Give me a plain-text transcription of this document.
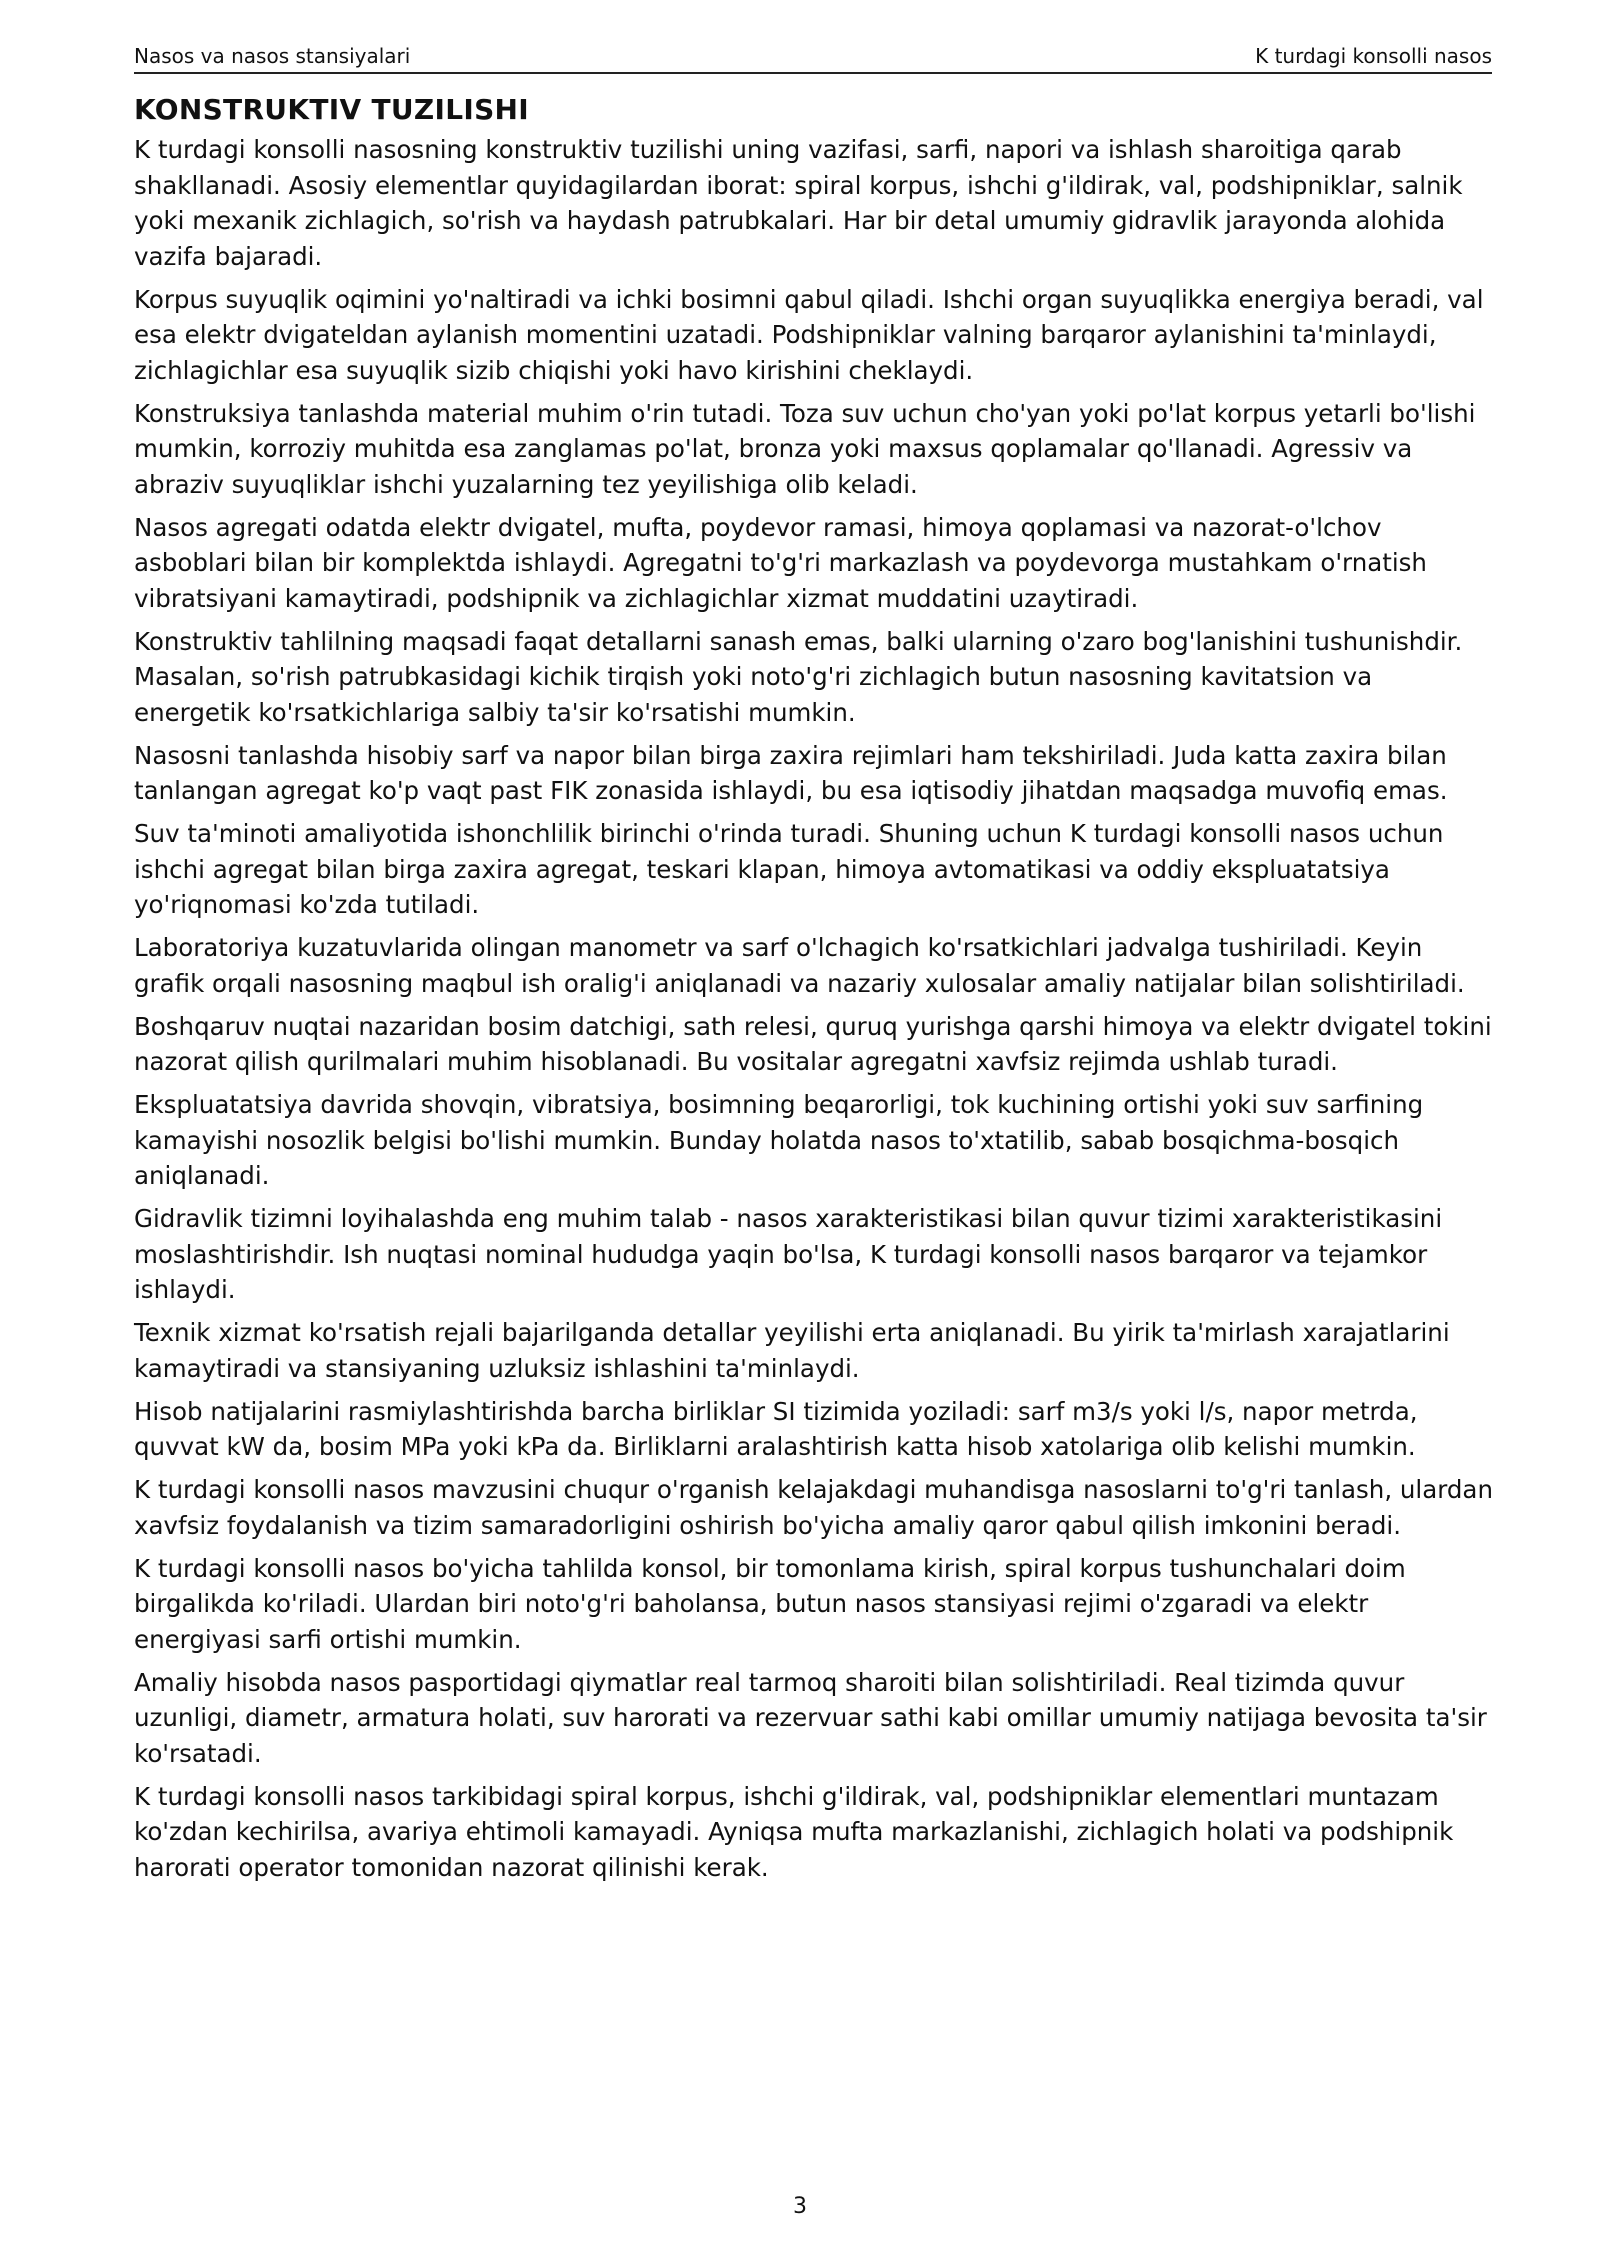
Nasos va nasos stansiyalari	K turdagi konsolli nasos
KONSTRUKTIV TUZILISHI

K turdagi konsolli nasosning konstruktiv tuzilishi uning vazifasi, sarfi, napori va ishlash sharoitiga qarab shakllanadi. Asosiy elementlar quyidagilardan iborat: spiral korpus, ishchi g'ildirak, val, podshipniklar, salnik yoki mexanik zichlagich, so'rish va haydash patrubkalari. Har bir detal umumiy gidravlik jarayonda alohida vazifa bajaradi.

Korpus suyuqlik oqimini yo'naltiradi va ichki bosimni qabul qiladi. Ishchi organ suyuqlikka energiya beradi, val esa elektr dvigateldan aylanish momentini uzatadi. Podshipniklar valning barqaror aylanishini ta'minlaydi, zichlagichlar esa suyuqlik sizib chiqishi yoki havo kirishini cheklaydi.

Konstruksiya tanlashda material muhim o'rin tutadi. Toza suv uchun cho'yan yoki po'lat korpus yetarli bo'lishi mumkin, korroziy muhitda esa zanglamas po'lat, bronza yoki maxsus qoplamalar qo'llanadi. Agressiv va abraziv suyuqliklar ishchi yuzalarning tez yeyilishiga olib keladi.

Nasos agregati odatda elektr dvigatel, mufta, poydevor ramasi, himoya qoplamasi va nazorat-o'lchov asboblari bilan bir komplektda ishlaydi. Agregatni to'g'ri markazlash va poydevorga mustahkam o'rnatish vibratsiyani kamaytiradi, podshipnik va zichlagichlar xizmat muddatini uzaytiradi.

Konstruktiv tahlilning maqsadi faqat detallarni sanash emas, balki ularning o'zaro bog'lanishini tushunishdir. Masalan, so'rish patrubkasidagi kichik tirqish yoki noto'g'ri zichlagich butun nasosning kavitatsion va energetik ko'rsatkichlariga salbiy ta'sir ko'rsatishi mumkin.

Nasosni tanlashda hisobiy sarf va napor bilan birga zaxira rejimlari ham tekshiriladi. Juda katta zaxira bilan tanlangan agregat ko'p vaqt past FIK zonasida ishlaydi, bu esa iqtisodiy jihatdan maqsadga muvofiq emas.

Suv ta'minoti amaliyotida ishonchlilik birinchi o'rinda turadi. Shuning uchun K turdagi konsolli nasos uchun ishchi agregat bilan birga zaxira agregat, teskari klapan, himoya avtomatikasi va oddiy ekspluatatsiya yo'riqnomasi ko'zda tutiladi.

Laboratoriya kuzatuvlarida olingan manometr va sarf o'lchagich ko'rsatkichlari jadvalga tushiriladi. Keyin grafik orqali nasosning maqbul ish oralig'i aniqlanadi va nazariy xulosalar amaliy natijalar bilan solishtiriladi.

Boshqaruv nuqtai nazaridan bosim datchigi, sath relesi, quruq yurishga qarshi himoya va elektr dvigatel tokini nazorat qilish qurilmalari muhim hisoblanadi. Bu vositalar agregatni xavfsiz rejimda ushlab turadi.

Ekspluatatsiya davrida shovqin, vibratsiya, bosimning beqarorligi, tok kuchining ortishi yoki suv sarfining kamayishi nosozlik belgisi bo'lishi mumkin. Bunday holatda nasos to'xtatilib, sabab bosqichma-bosqich aniqlanadi.

Gidravlik tizimni loyihalashda eng muhim talab - nasos xarakteristikasi bilan quvur tizimi xarakteristikasini moslashtirishdir. Ish nuqtasi nominal hududga yaqin bo'lsa, K turdagi konsolli nasos barqaror va tejamkor ishlaydi.

Texnik xizmat ko'rsatish rejali bajarilganda detallar yeyilishi erta aniqlanadi. Bu yirik ta'mirlash xarajatlarini kamaytiradi va stansiyaning uzluksiz ishlashini ta'minlaydi.

Hisob natijalarini rasmiylashtirishda barcha birliklar SI tizimida yoziladi: sarf m3/s yoki l/s, napor metrda, quvvat kW da, bosim MPa yoki kPa da. Birliklarni aralashtirish katta hisob xatolariga olib kelishi mumkin.

K turdagi konsolli nasos mavzusini chuqur o'rganish kelajakdagi muhandisga nasoslarni to'g'ri tanlash, ulardan xavfsiz foydalanish va tizim samaradorligini oshirish bo'yicha amaliy qaror qabul qilish imkonini beradi.

K turdagi konsolli nasos bo'yicha tahlilda konsol, bir tomonlama kirish, spiral korpus tushunchalari doim birgalikda ko'riladi. Ulardan biri noto'g'ri baholansa, butun nasos stansiyasi rejimi o'zgaradi va elektr energiyasi sarfi ortishi mumkin.

Amaliy hisobda nasos pasportidagi qiymatlar real tarmoq sharoiti bilan solishtiriladi. Real tizimda quvur uzunligi, diametr, armatura holati, suv harorati va rezervuar sathi kabi omillar umumiy natijaga bevosita ta'sir ko'rsatadi.

K turdagi konsolli nasos tarkibidagi spiral korpus, ishchi g'ildirak, val, podshipniklar elementlari muntazam ko'zdan kechirilsa, avariya ehtimoli kamayadi. Ayniqsa mufta markazlanishi, zichlagich holati va podshipnik harorati operator tomonidan nazorat qilinishi kerak.

3
